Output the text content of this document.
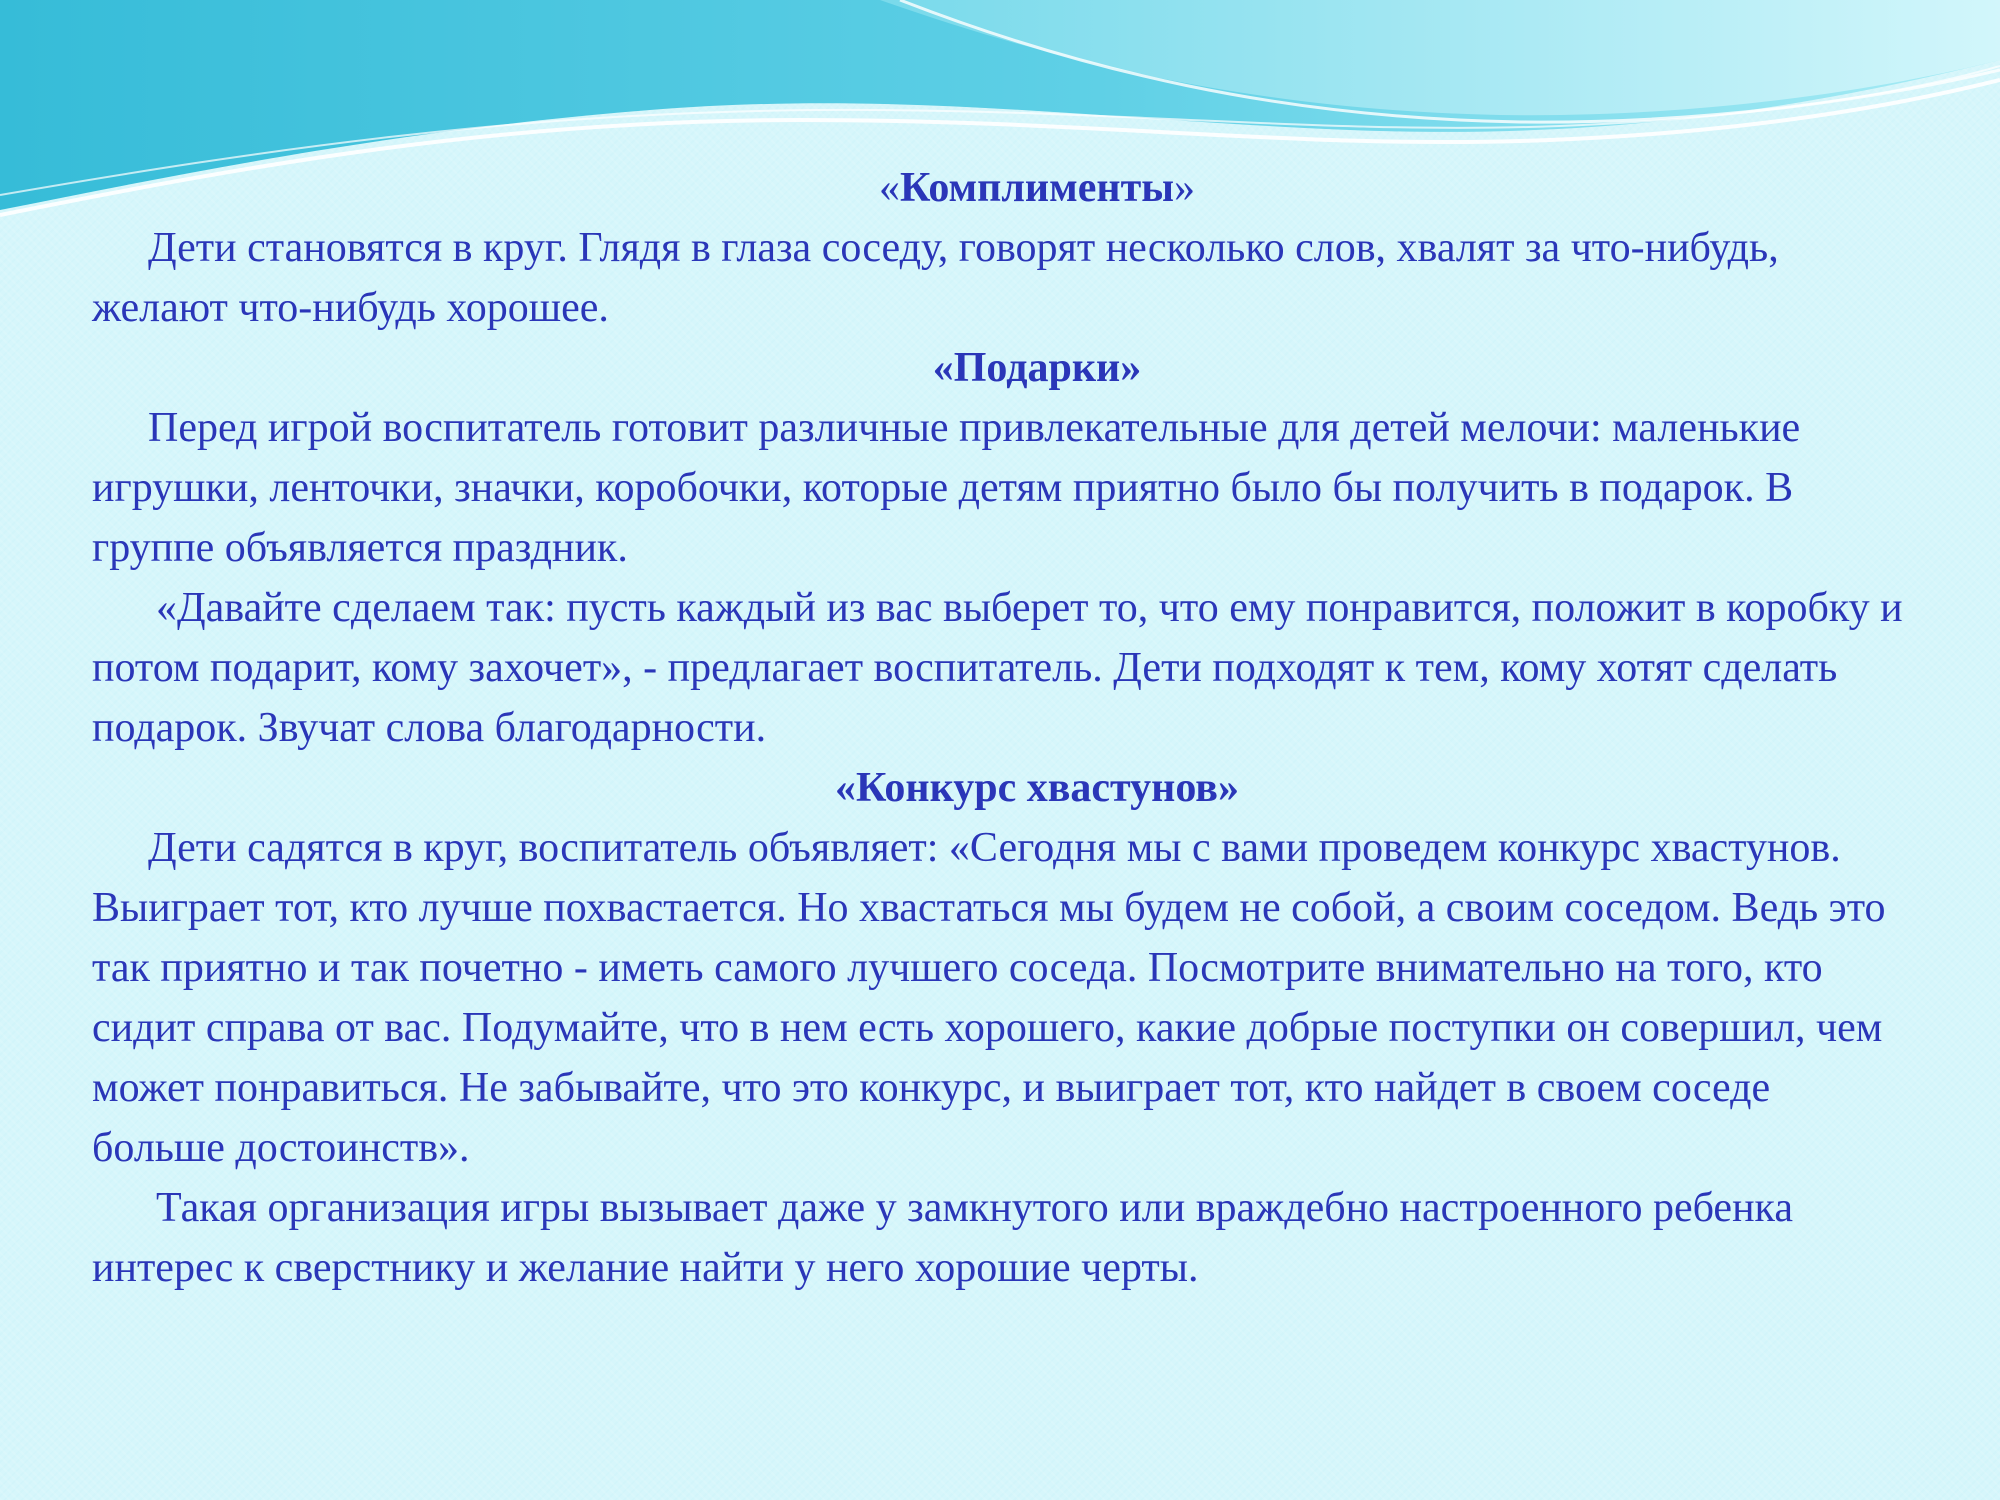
«Комплименты»

Дети становятся в круг. Глядя в глаза соседу, говорят несколько слов, хвалят за что-нибудь, желают что-нибудь хорошее.

«Подарки»

Перед игрой воспитатель готовит различные привлекательные для детей мелочи: маленькие игрушки, ленточки, значки, коробочки, которые детям приятно было бы получить в подарок. В группе объявляется праздник.

«Давайте сделаем так: пусть каждый из вас выберет то, что ему понравится, положит в коробку и потом подарит, кому захочет», - предлагает воспитатель. Дети подходят к тем, кому хотят сделать подарок. Звучат слова благодарности.

«Конкурс хвастунов»

Дети садятся в круг, воспитатель объявляет: «Сегодня мы с вами проведем конкурс хвастунов. Выиграет тот, кто лучше похвастается. Но хвастаться мы будем не собой, а своим соседом. Ведь это так приятно и так почетно - иметь самого лучшего соседа. Посмотрите внимательно на того, кто сидит справа от вас. Подумайте, что в нем есть хорошего, какие добрые поступки он совершил, чем может понравиться. Не забывайте, что это конкурс, и выиграет тот, кто найдет в своем соседе больше достоинств».

Такая организация игры вызывает даже у замкнутого или враждебно настроенного ребенка интерес к сверстнику и желание найти у него хорошие черты.
